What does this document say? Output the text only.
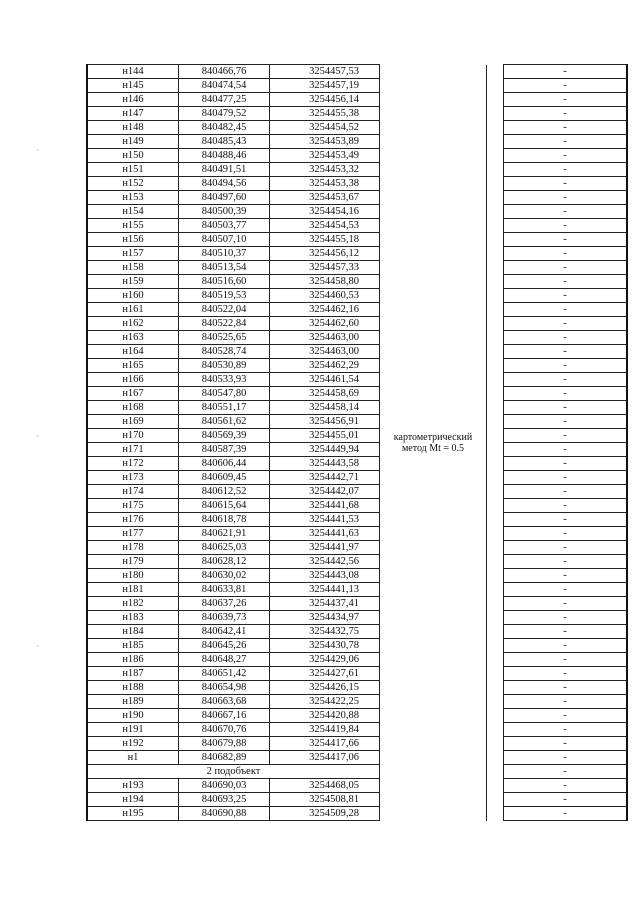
н144	840466,76	3254457,53	картометрический метод Mt = 0.5		-
н145	840474,54	3254457,19			-
н146	840477,25	3254456,14			-
н147	840479,52	3254455,38			-
н148	840482,45	3254454,52			-
н149	840485,43	3254453,89			-
н150	840488,46	3254453,49			-
н151	840491,51	3254453,32			-
н152	840494,56	3254453,38			-
н153	840497,60	3254453,67			-
н154	840500,39	3254454,16			-
н155	840503,77	3254454,53			-
н156	840507,10	3254455,18			-
н157	840510,37	3254456,12			-
н158	840513,54	3254457,33			-
н159	840516,60	3254458,80			-
н160	840519,53	3254460,53			-
н161	840522,04	3254462,16			-
н162	840522,84	3254462,60			-
н163	840525,65	3254463,00			-
н164	840528,74	3254463,00			-
н165	840530,89	3254462,29			-
н166	840533,93	3254461,54			-
н167	840547,80	3254458,69			-
н168	840551,17	3254458,14			-
н169	840561,62	3254456,91			-
н170	840569,39	3254455,01			-
н171	840587,39	3254449,94			-
н172	840606,44	3254443,58			-
н173	840609,45	3254442,71			-
н174	840612,52	3254442,07			-
н175	840615,64	3254441,68			-
н176	840618,78	3254441,53			-
н177	840621,91	3254441,63			-
н178	840625,03	3254441,97			-
н179	840628,12	3254442,56			-
н180	840630,02	3254443,08			-
н181	840633,81	3254441,13			-
н182	840637,26	3254437,41			-
н183	840639,73	3254434,97			-
н184	840642,41	3254432,75			-
н185	840645,26	3254430,78			-
н186	840648,27	3254429,06			-
н187	840651,42	3254427,61			-
н188	840654,98	3254426,15			-
н189	840663,68	3254422,25			-
н190	840667,16	3254420,88			-
н191	840670,76	3254419,84			-
н192	840679,88	3254417,66			-
н1	840682,89	3254417,06			-
2 подобъект					-
н193	840690,03	3254468,05			-
н194	840693,25	3254508,81			-
н195	840690,88	3254509,28			-
·
·
·
